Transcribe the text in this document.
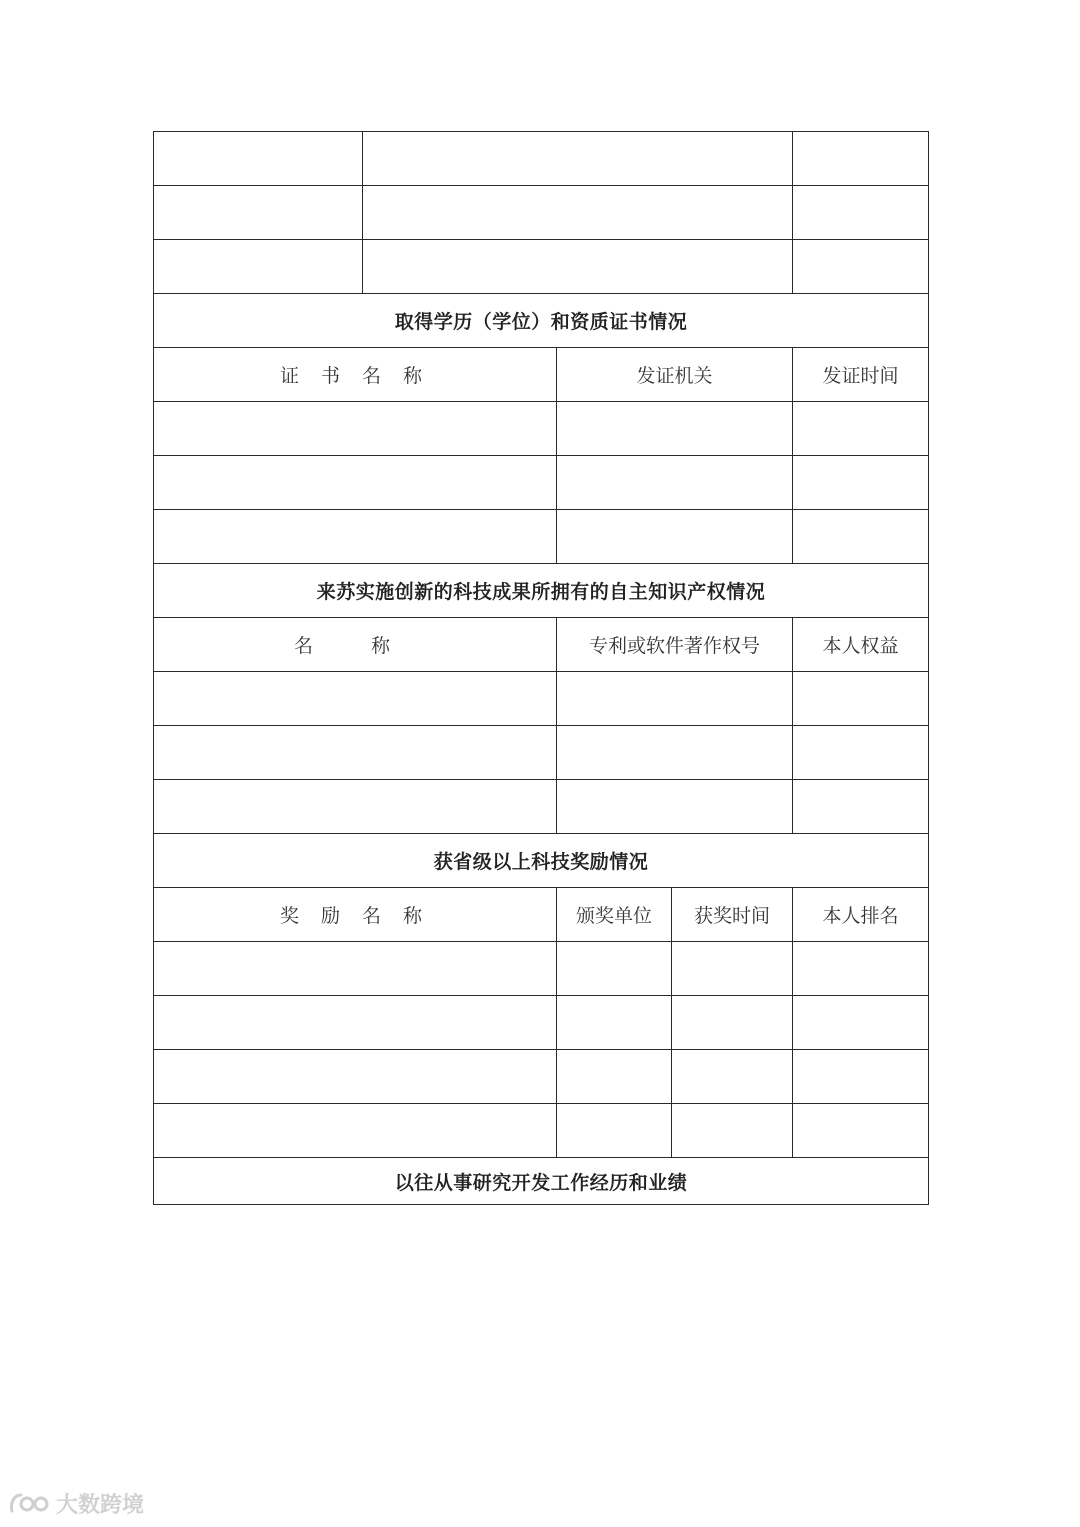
取得学历（学位）和资质证书情况				
证 书 名 称		发证机关		发证时间

来苏实施创新的科技成果所拥有的自主知识产权情况				
名 称		专利或软件著作权号		本人权益

获省级以上科技奖励情况				
奖 励 名 称		颁奖单位	获奖时间	本人排名

以往从事研究开发工作经历和业绩				
大数跨境
